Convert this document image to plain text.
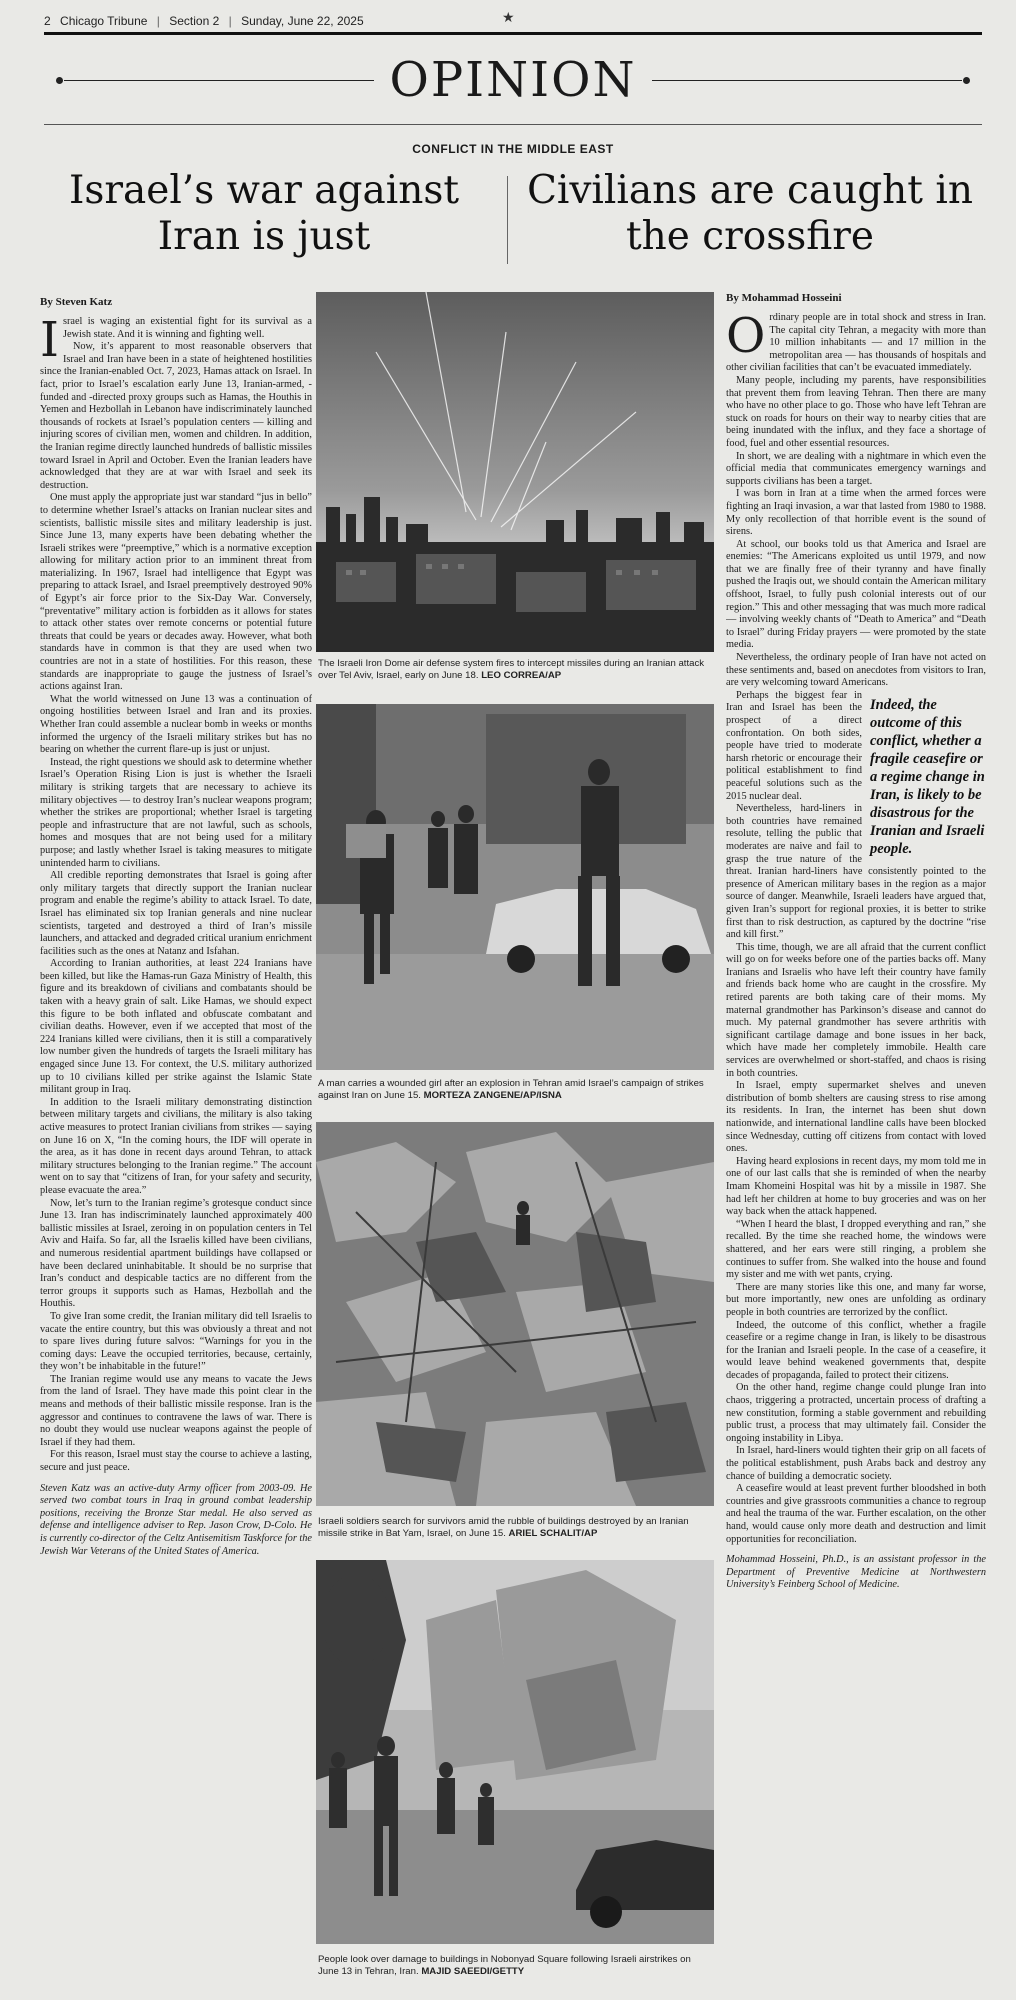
2 Chicago Tribune | Section 2 | Sunday, June 22, 2025	★
OPINION
CONFLICT IN THE MIDDLE EAST
Israel’s war against Iran is just
Civilians are caught in the crossfire
By Steven Katz	By Mohammad Hosseini

Israel is waging an existential fight for its survival as a Jewish state. And it is winning and fighting well.

Now, it’s apparent to most reasonable observers that Israel and Iran have been in a state of heightened hostilities since the Iranian-enabled Oct. 7, 2023, Hamas attack on Israel. In fact, prior to Israel’s escalation early June 13, Iranian-armed, -funded and -directed proxy groups such as Hamas, the Houthis in Yemen and Hezbollah in Lebanon have indiscriminately launched thousands of rockets at Israel’s population centers — killing and injuring scores of civilian men, women and children. In addition, the Iranian regime directly launched hundreds of ballistic missiles toward Israel in April and October. Even the Iranian leaders have acknowledged that they are at war with Israel and seek its destruction.

One must apply the appropriate just war standard “jus in bello” to determine whether Israel’s attacks on Iranian nuclear sites and scientists, ballistic missile sites and military leadership is just. Since June 13, many experts have been debating whether the Israeli strikes were “preemptive,” which is a normative exception allowing for military action prior to an imminent threat from materializing. In 1967, Israel had intelligence that Egypt was preparing to attack Israel, and Israel preemptively destroyed 90% of Egypt’s air force prior to the Six-Day War. Conversely, “preventative” military action is forbidden as it allows for states to attack other states over remote concerns or potential future threats that could be years or decades away. However, what both standards have in common is that they are used when two countries are not in a state of hostilities. For this reason, these standards are inappropriate to gauge the justness of Israel’s actions against Iran.

What the world witnessed on June 13 was a continuation of ongoing hostilities between Israel and Iran and its proxies. Whether Iran could assemble a nuclear bomb in weeks or months informed the urgency of the Israeli military strikes but has no bearing on whether the current flare-up is just or unjust.

Instead, the right questions we should ask to determine whether Israel’s Operation Rising Lion is just is whether the Israeli military is striking targets that are necessary to achieve its military objectives — to destroy Iran’s nuclear weapons program; whether the strikes are proportional; whether Israel is targeting people and infrastructure that are not lawful, such as schools, homes and mosques that are not being used for a military purpose; and lastly whether Israel is taking measures to mitigate unintended harm to civilians.

All credible reporting demonstrates that Israel is going after only military targets that directly support the Iranian nuclear program and enable the regime’s ability to attack Israel. To date, Israel has eliminated six top Iranian generals and nine nuclear scientists, targeted and destroyed a third of Iran’s missile launchers, and attacked and degraded critical uranium enrichment facilities such as the ones at Natanz and Isfahan.

According to Iranian authorities, at least 224 Iranians have been killed, but like the Hamas-run Gaza Ministry of Health, this figure and its breakdown of civilians and combatants should be taken with a heavy grain of salt. Like Hamas, we should expect this figure to be both inflated and obfuscate combatant and civilian deaths. However, even if we accepted that most of the 224 Iranians killed were civilians, then it is still a comparatively low number given the hundreds of targets the Israeli military has engaged since June 13. For context, the U.S. military authorized up to 10 civilians killed per strike against the Islamic State militant group in Iraq.

In addition to the Israeli military demonstrating distinction between military targets and civilians, the military is also taking active measures to protect Iranian civilians from strikes — saying on June 16 on X, “In the coming hours, the IDF will operate in the area, as it has done in recent days around Tehran, to attack military structures belonging to the Iranian regime.” The account went on to say that “citizens of Iran, for your safety and security, please evacuate the area.”

Now, let’s turn to the Iranian regime’s grotesque conduct since June 13. Iran has indiscriminately launched approximately 400 ballistic missiles at Israel, zeroing in on population centers in Tel Aviv and Haifa. So far, all the Israelis killed have been civilians, and numerous residential apartment buildings have collapsed or have been declared uninhabitable. It should be no surprise that Iran’s conduct and despicable tactics are no different from the terror groups it supports such as Hamas, Hezbollah and the Houthis.

To give Iran some credit, the Iranian military did tell Israelis to vacate the entire country, but this was obviously a threat and not to spare lives during future salvos: “Warnings for you in the coming days: Leave the occupied territories, because, certainly, they won’t be inhabitable in the future!”

The Iranian regime would use any means to vacate the Jews from the land of Israel. They have made this point clear in the means and methods of their ballistic missile response. Iran is the aggressor and continues to contravene the laws of war. There is no doubt they would use nuclear weapons against the people of Israel if they had them.

For this reason, Israel must stay the course to achieve a lasting, secure and just peace.

Steven Katz was an active-duty Army officer from 2003-09. He served two combat tours in Iraq in ground combat leadership positions, receiving the Bronze Star medal. He also served as defense and intelligence adviser to Rep. Jason Crow, D-Colo. He is currently co-director of the Celtz Antisemitism Taskforce for the Jewish War Veterans of the United States of America.

The Israeli Iron Dome air defense system fires to intercept missiles during an Iranian attack over Tel Aviv, Israel, early on June 18. LEO CORREA/AP
A man carries a wounded girl after an explosion in Tehran amid Israel’s campaign of strikes against Iran on June 15. MORTEZA ZANGENE/AP/ISNA
Israeli soldiers search for survivors amid the rubble of buildings destroyed by an Iranian missile strike in Bat Yam, Israel, on June 15. ARIEL SCHALIT/AP
People look over damage to buildings in Nobonyad Square following Israeli airstrikes on June 13 in Tehran, Iran. MAJID SAEEDI/GETTY

Ordinary people are in total shock and stress in Iran. The capital city Tehran, a megacity with more than 10 million inhabitants — and 17 million in the metropolitan area — has thousands of hospitals and other civilian facilities that can’t be evacuated immediately.

Many people, including my parents, have responsibilities that prevent them from leaving Tehran. Then there are many who have no other place to go. Those who have left Tehran are stuck on roads for hours on their way to nearby cities that are being inundated with the influx, and they face a shortage of food, fuel and other essential resources.

In short, we are dealing with a nightmare in which even the official media that communicates emergency warnings and supports civilians has been a target.

I was born in Iran at a time when the armed forces were fighting an Iraqi invasion, a war that lasted from 1980 to 1988. My only recollection of that horrible event is the sound of sirens.

At school, our books told us that America and Israel are enemies: “The Americans exploited us until 1979, and now that we are finally free of their tyranny and have finally pushed the Iraqis out, we should contain the American military offshoot, Israel, to fully push colonial interests out of our region.” This and other messaging that was much more radical — involving weekly chants of “Death to America” and “Death to Israel” during Friday prayers — were promoted by the state media.

Nevertheless, the ordinary people of Iran have not acted on these sentiments and, based on anecdotes from visitors to Iran, are very welcoming toward Americans.

Indeed, the outcome of this conflict, whether a fragile ceasefire or a regime change in Iran, is likely to be disastrous for the Iranian and Israeli people.

Perhaps the biggest fear in Iran and Israel has been the prospect of a direct confrontation. On both sides, people have tried to moderate harsh rhetoric or encourage their political establishment to find peaceful solutions such as the 2015 nuclear deal.

Nevertheless, hard-liners in both countries have remained resolute, telling the public that moderates are naive and fail to grasp the true nature of the threat. Iranian hard-liners have consistently pointed to the presence of American military bases in the region as a major source of danger. Meanwhile, Israeli leaders have argued that, given Iran’s support for regional proxies, it is better to strike first than to risk destruction, as captured by the doctrine “rise and kill first.”

This time, though, we are all afraid that the current conflict will go on for weeks before one of the parties backs off. Many Iranians and Israelis who have left their country have family and friends back home who are caught in the crossfire. My retired parents are both taking care of their moms. My maternal grandmother has Parkinson’s disease and cannot do much. My paternal grandmother has severe arthritis with significant cartilage damage and bone issues in her back, which have made her completely immobile. Health care services are overwhelmed or short-staffed, and chaos is rising in both countries.

In Israel, empty supermarket shelves and uneven distribution of bomb shelters are causing stress to rise among its residents. In Iran, the internet has been shut down nationwide, and international landline calls have been blocked since Wednesday, cutting off citizens from contact with loved ones.

Having heard explosions in recent days, my mom told me in one of our last calls that she is reminded of when the nearby Imam Khomeini Hospital was hit by a missile in 1987. She had left her children at home to buy groceries and was on her way back when the attack happened.

“When I heard the blast, I dropped everything and ran,” she recalled. By the time she reached home, the windows were shattered, and her ears were still ringing, a problem she continues to suffer from. She walked into the house and found my sister and me with wet pants, crying.

There are many stories like this one, and many far worse, but more importantly, new ones are unfolding as ordinary people in both countries are terrorized by the conflict.

Indeed, the outcome of this conflict, whether a fragile ceasefire or a regime change in Iran, is likely to be disastrous for the Iranian and Israeli people. In the case of a ceasefire, it would leave behind weakened governments that, despite decades of propaganda, failed to protect their citizens.

On the other hand, regime change could plunge Iran into chaos, triggering a protracted, uncertain process of drafting a new constitution, forming a stable government and rebuilding public trust, a process that may ultimately fail. Consider the ongoing instability in Libya.

In Israel, hard-liners would tighten their grip on all facets of the political establishment, push Arabs back and destroy any chance of building a democratic society.

A ceasefire would at least prevent further bloodshed in both countries and give grassroots communities a chance to regroup and heal the trauma of the war. Further escalation, on the other hand, would cause only more death and destruction and limit opportunities for reconciliation.

Mohammad Hosseini, Ph.D., is an assistant professor in the Department of Preventive Medicine at Northwestern University’s Feinberg School of Medicine.
